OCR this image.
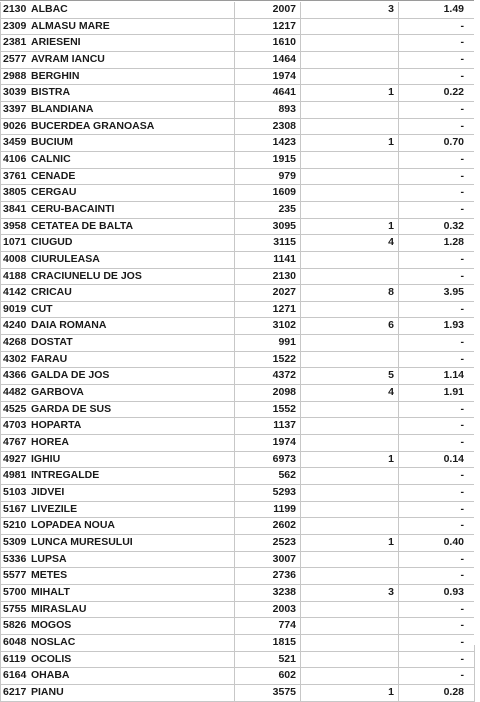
2130 ALBAC	2007	3	1.49
2309 ALMASU MARE	1217		-
2381 ARIESENI	1610		-
2577 AVRAM IANCU	1464		-
2988 BERGHIN	1974		-
3039 BISTRA	4641	1	0.22
3397 BLANDIANA	893		-
9026 BUCERDEA GRANOASA	2308		-
3459 BUCIUM	1423	1	0.70
4106 CALNIC	1915		-
3761 CENADE	979		-
3805 CERGAU	1609		-
3841 CERU-BACAINTI	235		-
3958 CETATEA DE BALTA	3095	1	0.32
1071 CIUGUD	3115	4	1.28
4008 CIURULEASA	1141		-
4188 CRACIUNELU DE JOS	2130		-
4142 CRICAU	2027	8	3.95
9019 CUT	1271		-
4240 DAIA ROMANA	3102	6	1.93
4268 DOSTAT	991		-
4302 FARAU	1522		-
4366 GALDA DE JOS	4372	5	1.14
4482 GARBOVA	2098	4	1.91
4525 GARDA DE SUS	1552		-
4703 HOPARTA	1137		-
4767 HOREA	1974		-
4927 IGHIU	6973	1	0.14
4981 INTREGALDE	562		-
5103 JIDVEI	5293		-
5167 LIVEZILE	1199		-
5210 LOPADEA NOUA	2602		-
5309 LUNCA MURESULUI	2523	1	0.40
5336 LUPSA	3007		-
5577 METES	2736		-
5700 MIHALT	3238	3	0.93
5755 MIRASLAU	2003		-
5826 MOGOS	774		-
6048 NOSLAC	1815		-
6119 OCOLIS	521		-
6164 OHABA	602		-
6217 PIANU	3575	1	0.28
